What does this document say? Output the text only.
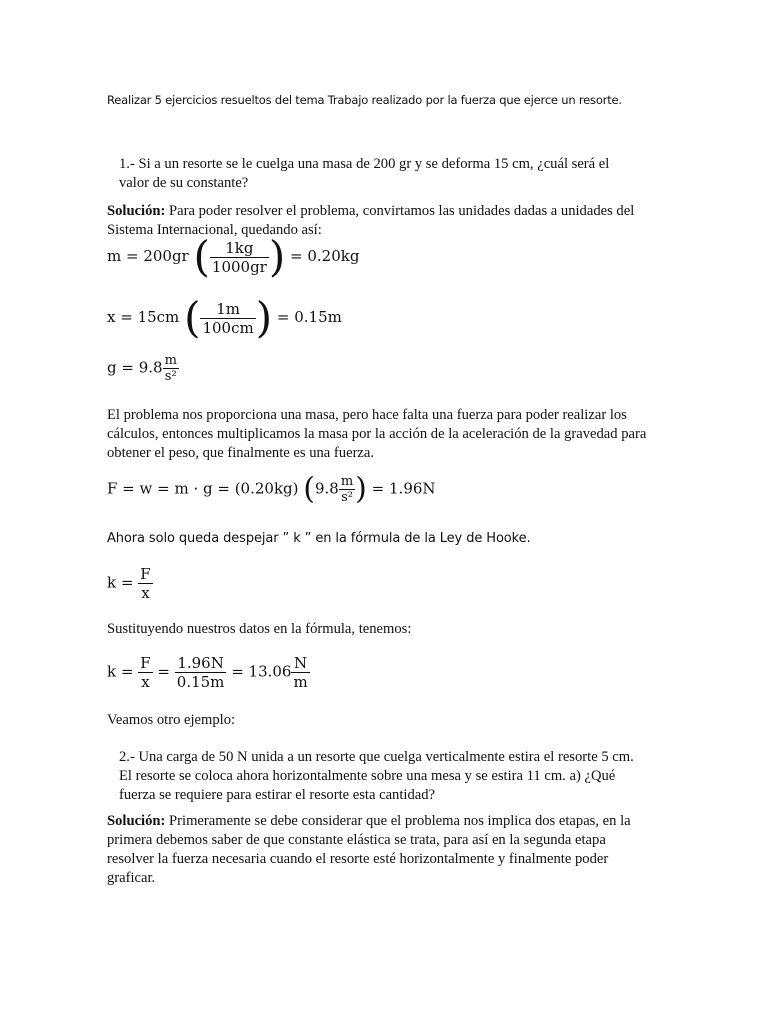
Realizar 5 ejercicios resueltos del tema Trabajo realizado por la fuerza que ejerce un resorte.
1.- Si a un resorte se le cuelga una masa de 200 gr y se deforma 15 cm, ¿cuál será el valor de su constante?
Solución: Para poder resolver el problema, convirtamos las unidades dadas a unidades del Sistema Internacional, quedando así:
m = 200gr ( $\frac{1kg}{1000gr}$ ) = 0.20kg
x = 15cm ( $\frac{1m}{100cm}$ ) = 0.15m
$g = 9.8 \frac{m}{\text{s²}}$
El problema nos proporciona una masa, pero hace falta una fuerza para poder realizar los cálculos, entonces multiplicamos la masa por la acción de la aceleración de la gravedad para obtener el peso, que finalmente es una fuerza.
F = w = m · g = (0.20kg) ($9.8 \frac{m}{\text{s²}}$ ) = 1.96N
Ahora solo queda despejar ” k ” en la fórmula de la Ley de Hooke.
$k = \frac{F}{x}$
Sustituyendo nuestros datos en la fórmula, tenemos:
$k = \frac{F}{x} = \frac{1.96N}{0.15m} = 13.06 \frac{N}{m}$
Veamos otro ejemplo:
2.- Una carga de 50 N unida a un resorte que cuelga verticalmente estira el resorte 5 cm. El resorte se coloca ahora horizontalmente sobre una mesa y se estira 11 cm. a) ¿Qué fuerza se requiere para estirar el resorte esta cantidad?
Solución: Primeramente se debe considerar que el problema nos implica dos etapas, en la primera debemos saber de que constante elástica se trata, para así en la segunda etapa resolver la fuerza necesaria cuando el resorte esté horizontalmente y finalmente poder graficar.
